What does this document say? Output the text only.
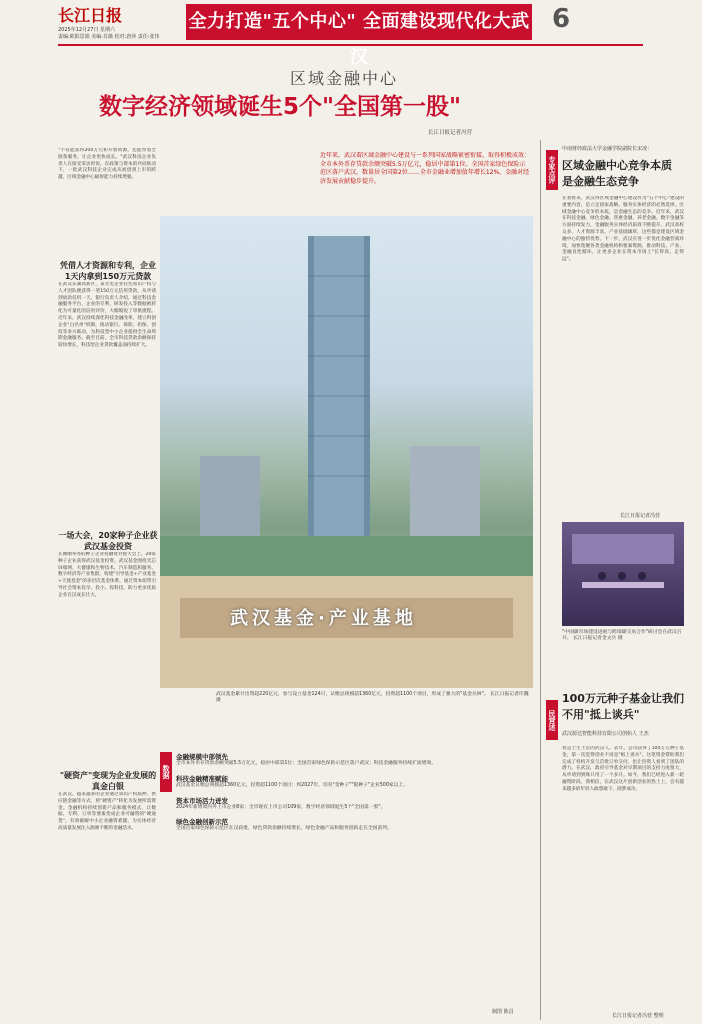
长江日报
2025年12月27日 星期六
责编:欧阳思娟 美编:肖薇 校对:唐萍 责任:张伟
全力打造"五个中心" 全面建设现代化大武汉
6
区域金融中心
数字经济领域诞生5个"全国第一股"
长江日报记者冯营
"不仅能获得200万元和开放资源，还能带着全链条服务，让企业更快成长。"武汉科技企业负责人在接受采访时说。在政策与资本的共同推动下，一批武汉科技企业完成从初创到上市的跨越，区域金融中心辐射能力持续增强。
凭借人才资源和专利，企业1天内拿到150万元贷款
在武汉东湖高新区，某光电企业仅凭知识产权与人才团队便获得一笔150万元信用贷款，从申请到放款仅用一天。银行负责人介绍，通过科技金融服务平台，企业的专利、研发投入等数据被转化为可量化的信用评价，大幅缩短了审批流程。近年来，武汉持续深化科技金融改革，建立科创企业"白名单"机制，推动银行、保险、担保、创投等多方联动，为科技型中小企业提供全生命周期金融服务。截至目前，全市科技贷款余额保持较快增长，科技型企业贷款覆盖面持续扩大。
一场大会，20家种子企业获武汉基金投资
在刚刚举办的种子企业投融资对接大会上，20家种子企业获得武汉基金投资。武汉基金围绕光芯屏端网、大健康和生物技术、汽车制造和服务、数字经济等产业集群，构建"引导基金+产业基金+天使基金"的多层次基金体系，通过资本纽带引导社会资本投早、投小、投科技，助力更多优质企业在汉成长壮大。
"硬资产"变现为企业发展的真金白银
在武汉，越来越多的企业通过知识产权质押、供应链金融等方式，将"硬资产"转化为发展所需资金。金融机构持续创新产品和服务模式，让数据、专利、订单等要素变成企业可融资的"硬通货"，有效破解中小企业融资难题，为实体经济高质量发展注入源源不断的金融活水。
近年来，武汉着区域金融中心建设与一系列国家战略紧密衔接，取得积极成效：全市本外币存贷款余额突破5.5万亿元，稳居中部第1位。全国首家绿色保险示范区落户武汉，数量居全国第2位……全市金融业增加值年增长12%，金融对经济发展贡献稳步提升。
武汉基金·产业基地
武汉基金累计出资超220亿元，参与设立基金124只，认缴总规模超1360亿元，投资超1100个项目，形成了强大的"基金丛林"。 长江日报记者许魏摄
数据
金融规模中部领先
全市本外币存贷款余额突破5.5万亿元，稳居中部第1位；全国首家绿色保险示范区落户武汉；科技金融服务持续扩面增效。
科技金融精准赋能
武汉基金认缴总规模超1360亿元，投资超1100个项目；到2027年，培育"金种子""银种子"企业500家以上。
资本市场活力迸发
2024年新增境内外上市企业8家；全市现有上市公司109家，数字经济领域诞生5个"全国第一股"。
绿色金融创新示范
全国首家绿色保险示范区在汉获批，绿色贷款余额持续增长，绿色金融产品和服务创新走在全国前列。
制图 陈昌
专家点评
中南财经政法大学金融学院副院长宋凌：
区域金融中心竞争本质是金融生态竞争
在我看来，武汉得区域金融中心建设作为"五个中心"建设的重要内容，是立足国家战略、服务实体经济的必然选择。区域金融中心竞争的本质，是金融生态的竞争。近年来，武汉在科技金融、绿色金融、普惠金融、养老金融、数字金融等方面持续发力，金融服务实体经济质效不断提升。武汉高校众多、人才资源丰富、产业基础雄厚，这些都是建设区域金融中心的独特优势。下一步，武汉应进一步优化金融营商环境，加快集聚各类金融机构和要素资源，推动科技、产业、金融良性循环，让更多企业在资本市场上"长得高、走得远"。
长江日报记者冯营
"中国碳市场建设进展与跨境碳交易合作"研讨会在武汉召开。 长江日报记者金文兵 摄
民营述
100万元种子基金让我们不用"抵上谈兵"
武汉源达智能科技有限公司创始人 王杰
我是土生土长的武汉人。去年，公司获得了100万元种子基金，第一次觉得创业不再是"纸上谈兵"。这笔资金帮助我们完成了样机开发与首批订单交付，也让投资人看到了团队的潜力。在武汉，政府引导基金对早期项目的支持力度很大，从申请到到账只用了一个多月。如今，我们已经进入新一轮融资阶段，我相信，在武汉这片创新创业的热土上，会有越来越多的年轻人敢想敢干、圆梦成功。
长江日报记者冯营 整理
